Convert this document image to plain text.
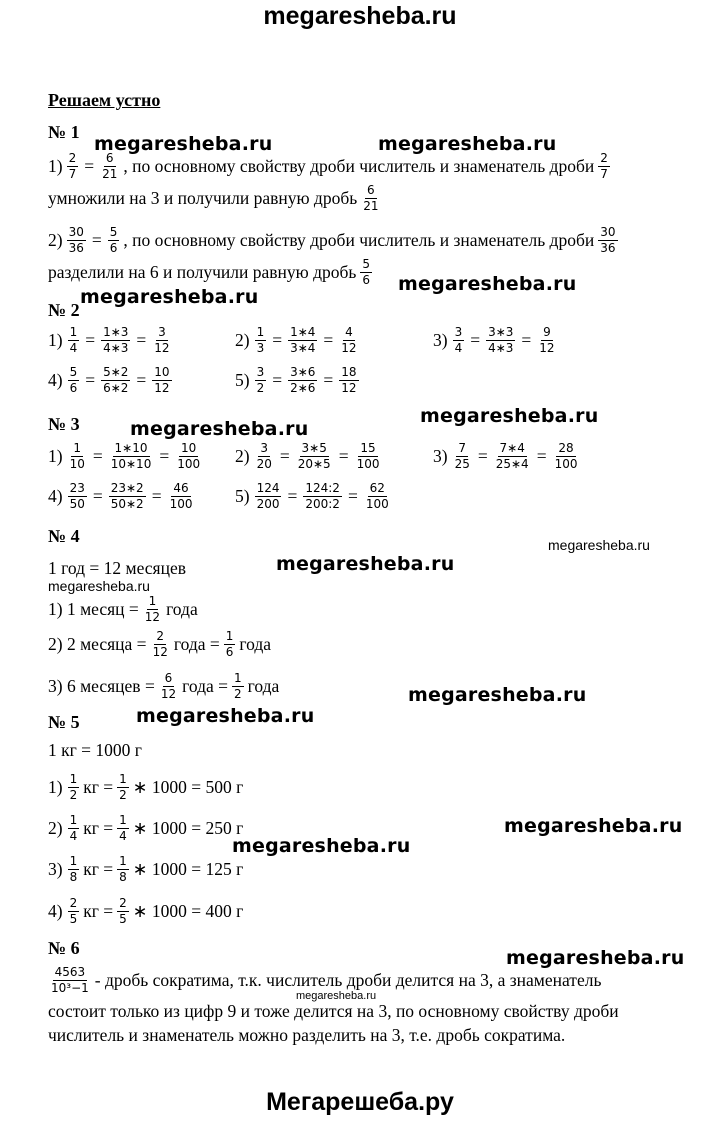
megaresheba.ru
Решаем устно
№ 1
$1) \frac{2}{7} = \frac{6}{21}$ , по основному свойству дроби числитель и знаменатель дроби 2
7
умножили на 3 и получили равную дробь 6
21
$2) \frac{30}{36} = \frac{5}{6}$ , по основному свойству дроби числитель и знаменатель дроби 30
36
разделили на 6 и получили равную дробь 5
6
№ 2
$1) \frac{1}{4} = \frac{1∗3}{4∗3} = \frac{3}{12}$	$2) \frac{1}{3} = \frac{1∗4}{3∗4} = \frac{4}{12}$	$3) \frac{3}{4} = \frac{3∗3}{4∗3} = \frac{9}{12}$
$4) \frac{5}{6} = \frac{5∗2}{6∗2} = \frac{10}{12}$	$5) \frac{3}{2} = \frac{3∗6}{2∗6} = \frac{18}{12}$
№ 3
$1) \frac{1}{10} = \frac{1∗10}{10∗10} = \frac{10}{100} 2) \frac{3}{20} = \frac{3∗5}{20∗5} = \frac{15}{100}$	$3) \frac{7}{25} = \frac{7∗4}{25∗4} = \frac{28}{100}$
$4) \frac{23}{50} = \frac{23∗2}{50∗2} = \frac{46}{100} 5) \frac{124}{200} = \frac{124:2}{200:2} = \frac{62}{100}$
№ 4
1 год = 12 месяцев
1) 1 месяц = $\frac{1}{12}$ года
2) 2 месяца = $\frac{2}{12}$ года = $\frac{1}{6}$ года
3) 6 месяцев = $\frac{6}{12}$ года = $\frac{1}{2}$ года
№ 5
1 кг = 1000 г
1) 1
2 кг = $\frac{1}{2}$ ∗ 1000 = 500 г
2) 1
4 кг = $\frac{1}{4}$ ∗ 1000 = 250 г
3) 1
8 кг = $\frac{1}{8}$ ∗ 1000 = 125 г
4) 2
5 кг = $\frac{2}{5}$ ∗ 1000 = 400 г
№ 6
4563
10³−1 - дробь сократима, т.к. числитель дроби делится на 3, а знаменатель
состоит только из цифр 9 и тоже делится на 3, по основному свойству дроби
числитель и знаменатель можно разделить на 3, т.е. дробь сократима.
megaresheba.ru	megaresheba.ru
megaresheba.ru
megaresheba.ru
megaresheba.ru
megaresheba.ru
megaresheba.ru
megaresheba.ru
megaresheba.ru
megaresheba.ru
megaresheba.ru
megaresheba.ru
megaresheba.ru
megaresheba.ru
megaresheba.ru
Мегарешеба.ру
